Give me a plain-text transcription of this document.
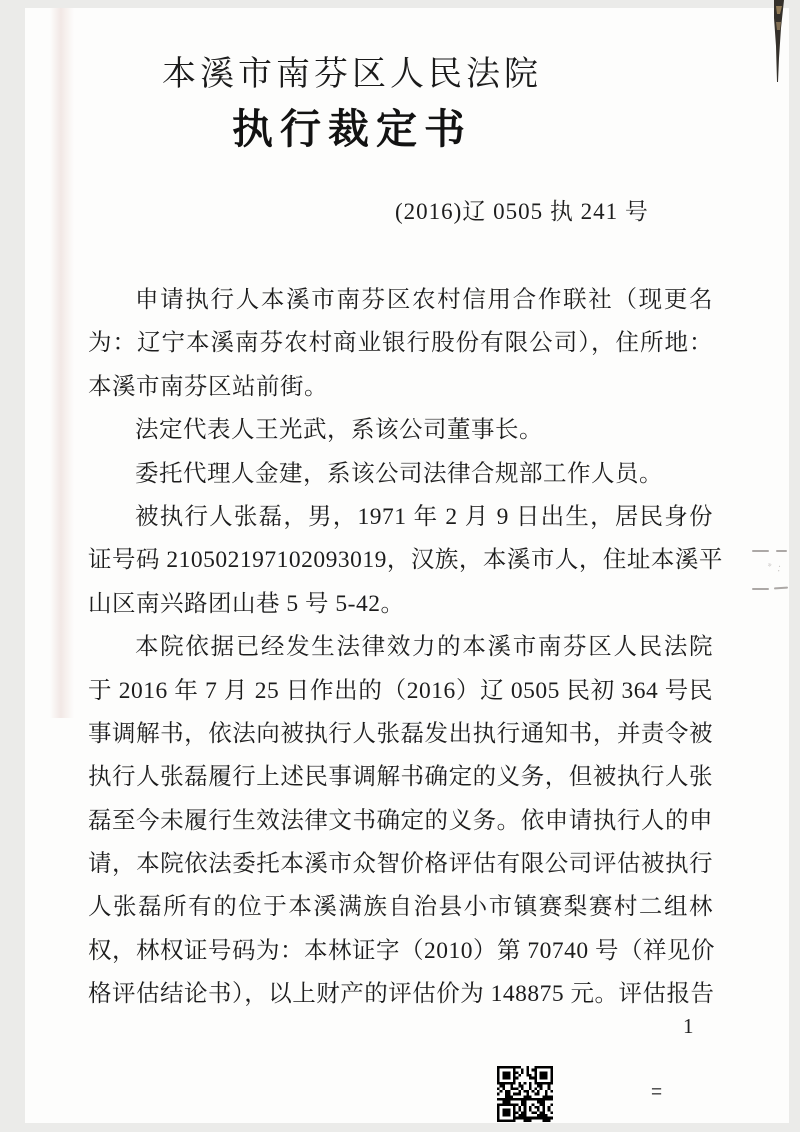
﹡﹕
本溪市南芬区人民法院
执行裁定书
(2016)辽 0505 执 241 号
申请执行人本溪市南芬区农村信用合作联社（现更名
为：辽宁本溪南芬农村商业银行股份有限公司），住所地：
本溪市南芬区站前街。
法定代表人王光武，系该公司董事长。
委托代理人金建，系该公司法律合规部工作人员。
被执行人张磊，男，1971 年 2 月 9 日出生，居民身份
证号码 210502197102093019，汉族，本溪市人，住址本溪平
山区南兴路团山巷 5 号 5-42。
本院依据已经发生法律效力的本溪市南芬区人民法院
于 2016 年 7 月 25 日作出的（2016）辽 0505 民初 364 号民
事调解书，依法向被执行人张磊发出执行通知书，并责令被
执行人张磊履行上述民事调解书确定的义务，但被执行人张
磊至今未履行生效法律文书确定的义务。依申请执行人的申
请，本院依法委托本溪市众智价格评估有限公司评估被执行
人张磊所有的位于本溪满族自治县小市镇赛梨赛村二组林
权，林权证号码为：本林证字（2010）第 70740 号（祥见价
格评估结论书），以上财产的评估价为 148875 元。评估报告
1
=
